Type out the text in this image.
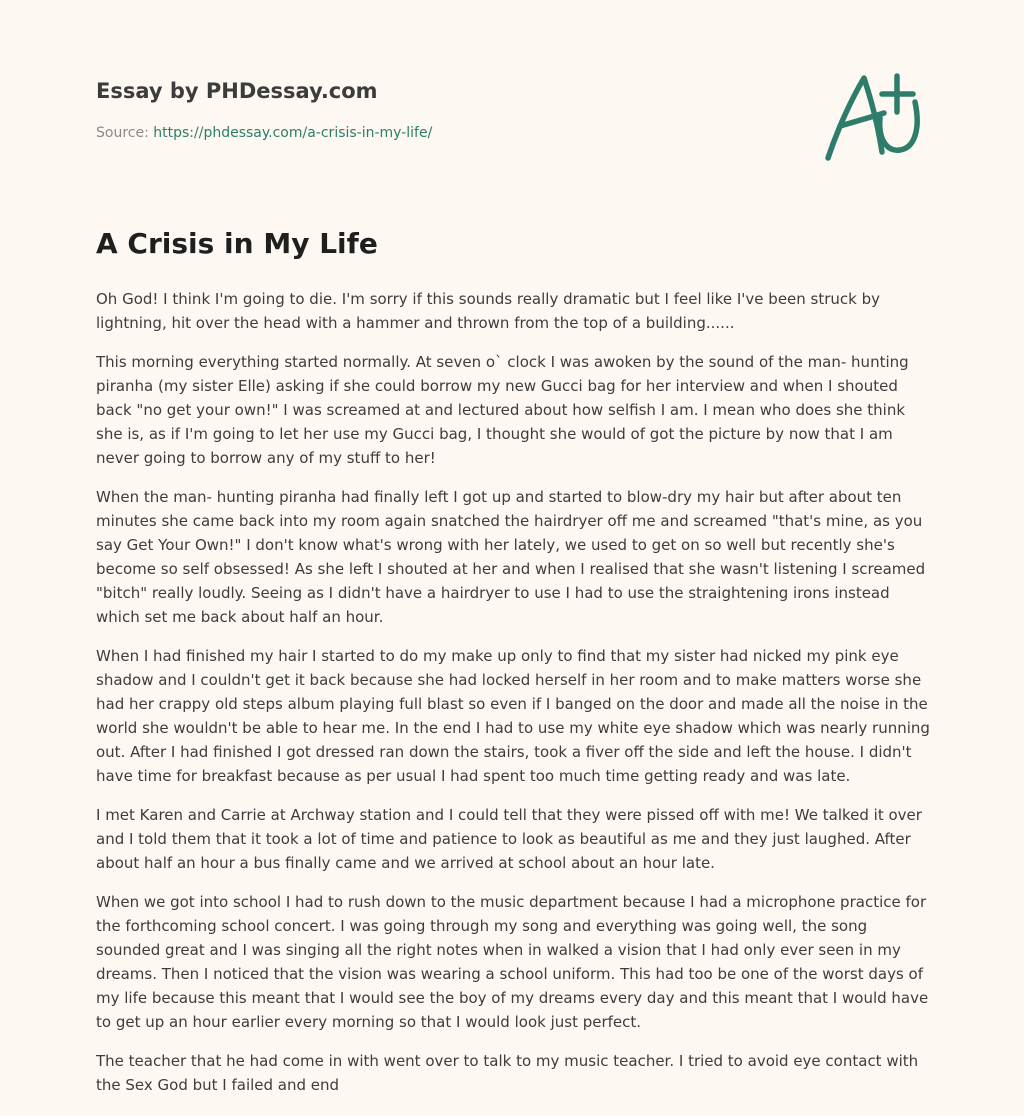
Essay by PHDessay.com
Source: https://phdessay.com/a-crisis-in-my-life/
A Crisis in My Life

Oh God! I think I'm going to die. I'm sorry if this sounds really dramatic but I feel like I've been struck by lightning, hit over the head with a hammer and thrown from the top of a building......

This morning everything started normally. At seven o` clock I was awoken by the sound of the man- hunting piranha (my sister Elle) asking if she could borrow my new Gucci bag for her interview and when I shouted back "no get your own!" I was screamed at and lectured about how selfish I am. I mean who does she think she is, as if I'm going to let her use my Gucci bag, I thought she would of got the picture by now that I am never going to borrow any of my stuff to her!

When the man- hunting piranha had finally left I got up and started to blow-dry my hair but after about ten minutes she came back into my room again snatched the hairdryer off me and screamed "that's mine, as you say Get Your Own!" I don't know what's wrong with her lately, we used to get on so well but recently she's become so self obsessed! As she left I shouted at her and when I realised that she wasn't listening I screamed "bitch" really loudly. Seeing as I didn't have a hairdryer to use I had to use the straightening irons instead which set me back about half an hour.

When I had finished my hair I started to do my make up only to find that my sister had nicked my pink eye shadow and I couldn't get it back because she had locked herself in her room and to make matters worse she had her crappy old steps album playing full blast so even if I banged on the door and made all the noise in the world she wouldn't be able to hear me. In the end I had to use my white eye shadow which was nearly running out. After I had finished I got dressed ran down the stairs, took a fiver off the side and left the house. I didn't have time for breakfast because as per usual I had spent too much time getting ready and was late.

I met Karen and Carrie at Archway station and I could tell that they were pissed off with me! We talked it over and I told them that it took a lot of time and patience to look as beautiful as me and they just laughed. After about half an hour a bus finally came and we arrived at school about an hour late.

When we got into school I had to rush down to the music department because I had a microphone practice for the forthcoming school concert. I was going through my song and everything was going well, the song sounded great and I was singing all the right notes when in walked a vision that I had only ever seen in my dreams. Then I noticed that the vision was wearing a school uniform. This had too be one of the worst days of my life because this meant that I would see the boy of my dreams every day and this meant that I would have to get up an hour earlier every morning so that I would look just perfect.

The teacher that he had come in with went over to talk to my music teacher. I tried to avoid eye contact with the Sex God but I failed and end
